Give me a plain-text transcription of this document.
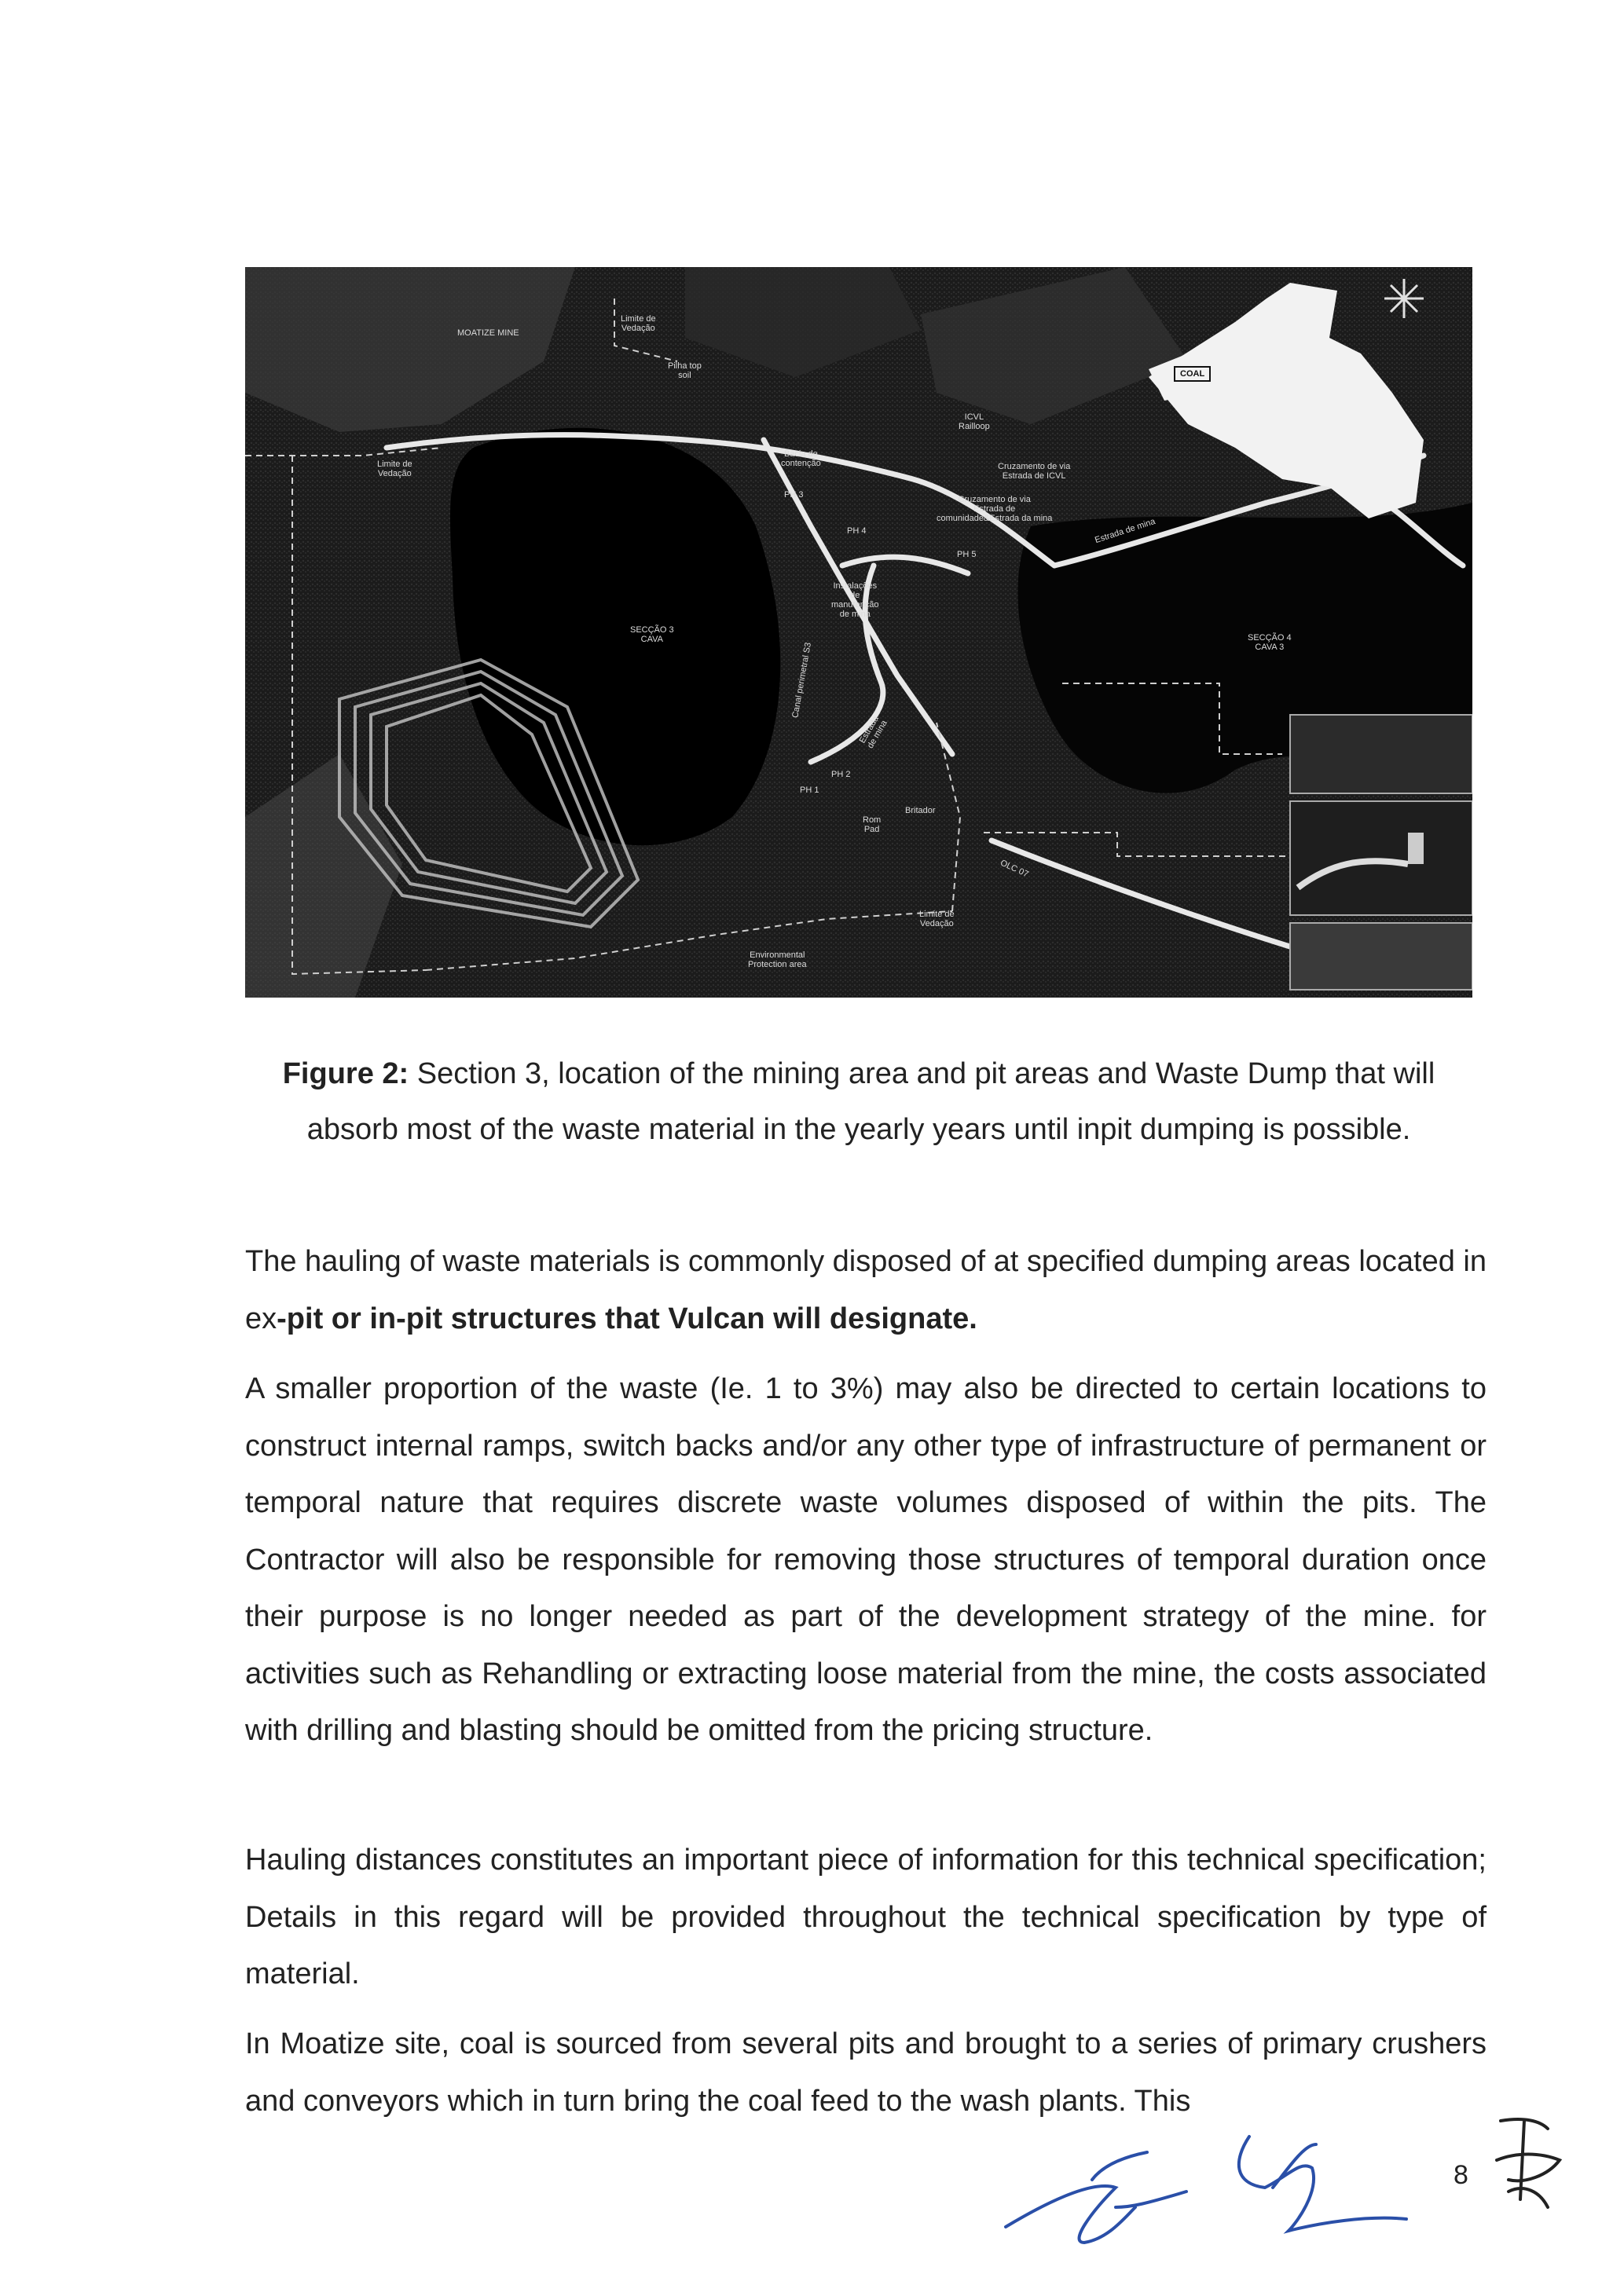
MOATIZE MINE
Limite de
Vedação
Pilha top
soil
Limite de
Vedação
ICVL
Railloop
Bacia de
contenção
PH 3
PH 4
PH 5
PH 2
PH 1
Cruzamento de via
Estrada de ICVL
Cruzamento de via
Estrada de
comunidade&Estrada da mina	Estrada de mina
Instalações
de
manutenção
de mina
SECÇÃO 3
CAVA	SECÇÃO 4
CAVA 3
Canal perimetral S3
Estrada
de mina
Rom
Pad
Britador
OLC 07
Limite de
Vedação
Environmental
Protection area
COAL
Figure 2: Section 3, location of the mining area and pit areas and Waste Dump that will absorb most of the waste material in the yearly years until inpit dumping is possible.
The hauling of waste materials is commonly disposed of at specified dumping areas located in ex-pit or in-pit structures that Vulcan will designate.
A smaller proportion of the waste (Ie. 1 to 3%) may also be directed to certain locations to construct internal ramps, switch backs and/or any other type of infrastructure of permanent or temporal nature that requires discrete waste volumes disposed of within the pits. The Contractor will also be responsible for removing those structures of temporal duration once their purpose is no longer needed as part of the development strategy of the mine. for activities such as Rehandling or extracting loose material from the mine, the costs associated with drilling and blasting should be omitted from the pricing structure.
Hauling distances constitutes an important piece of information for this technical specification; Details in this regard will be provided throughout the technical specification by type of material.
In Moatize site, coal is sourced from several pits and brought to a series of primary crushers and conveyors which in turn bring the coal feed to the wash plants. This
8
